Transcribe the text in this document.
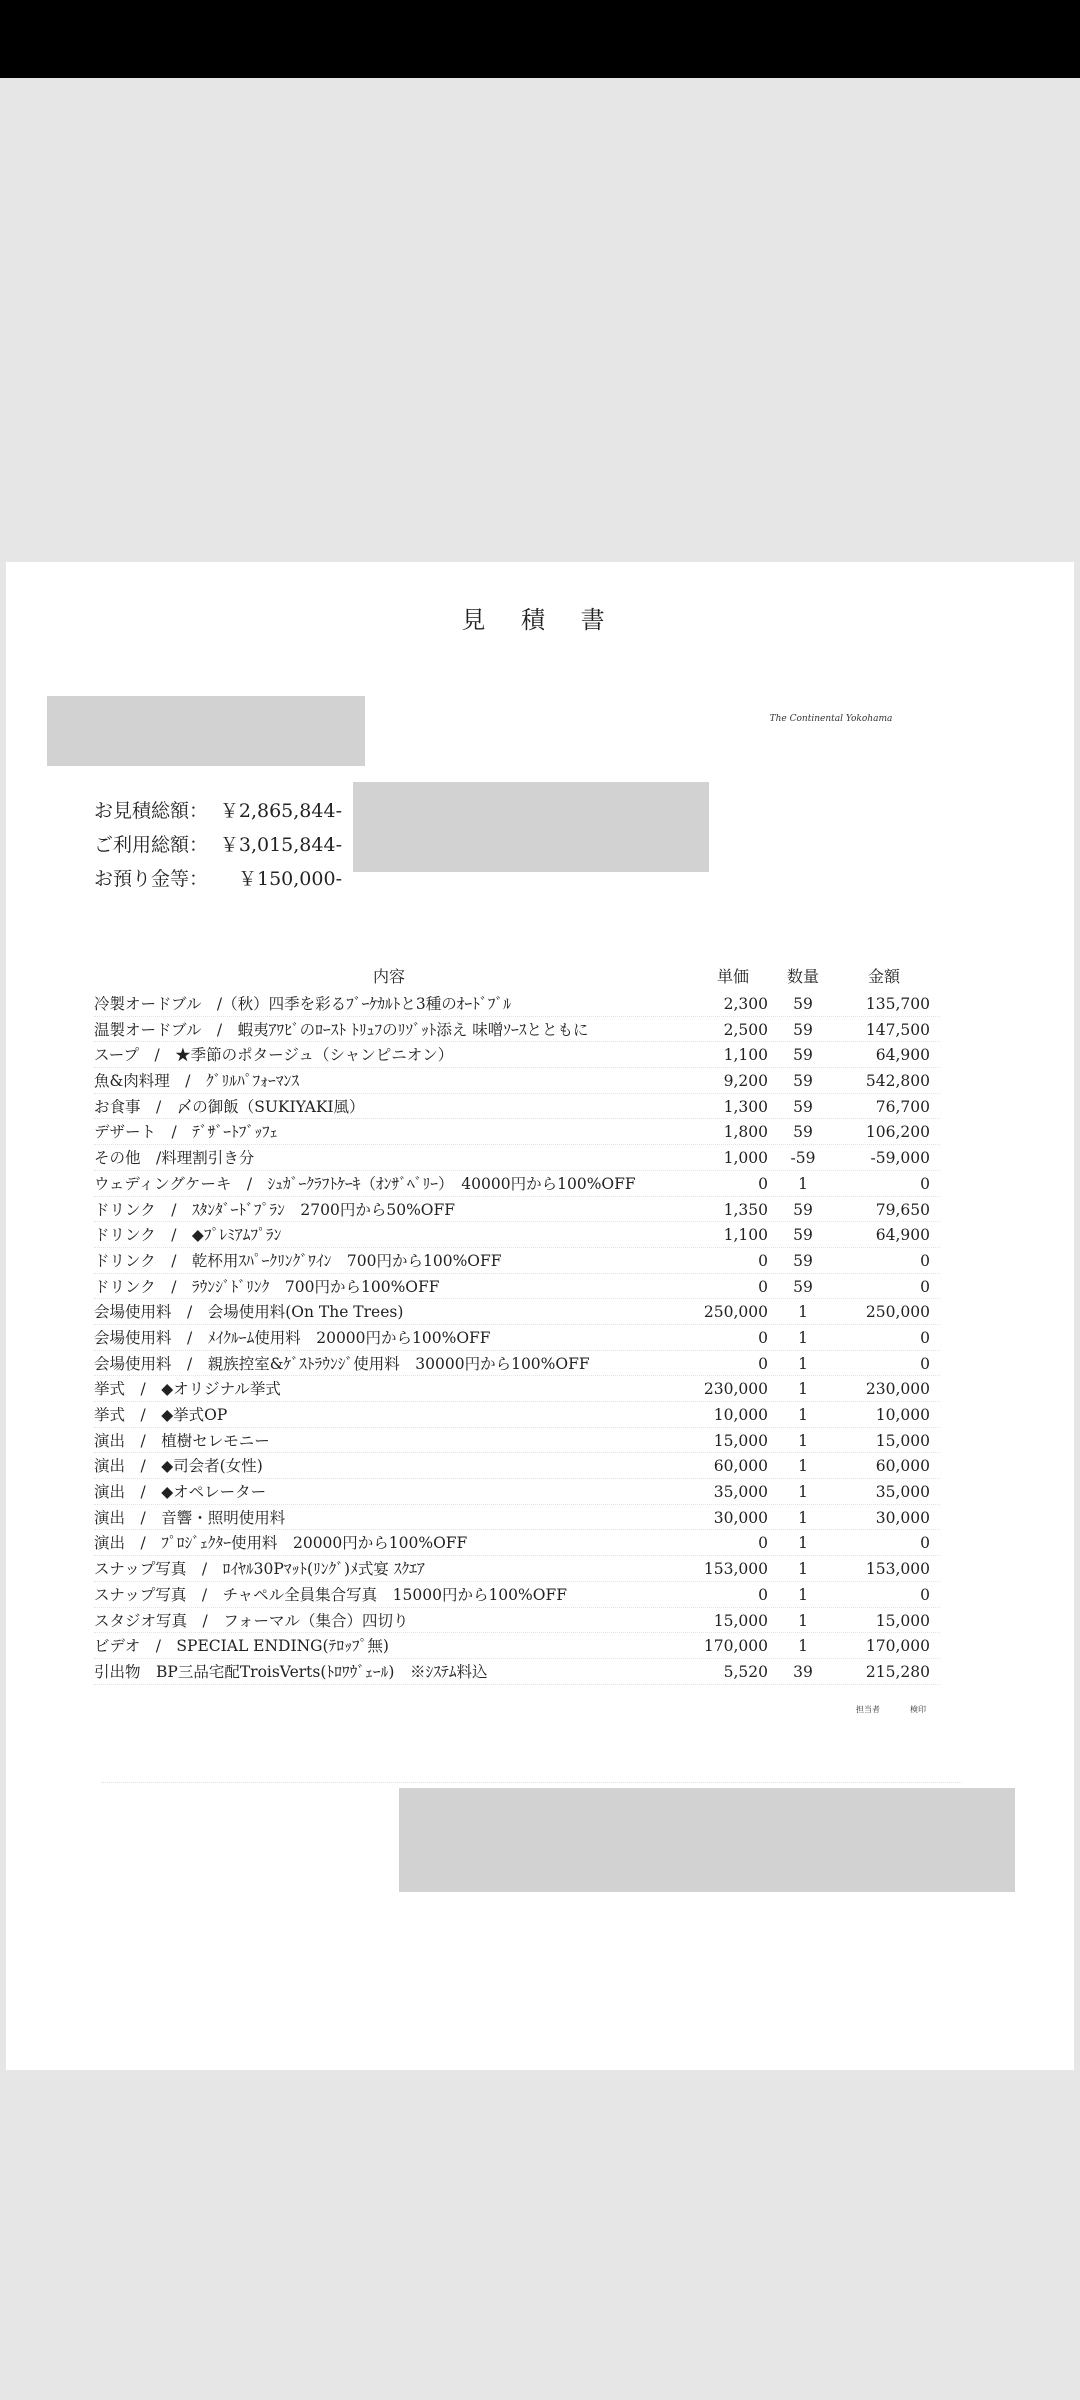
見 積 書
The Continental Yokohama
お見積総額： ￥2,865,844-
ご利用総額： ￥3,015,844-
お預り金等： ￥150,000-
内容	単価	数量	金額
冷製オードブル　/（秋）四季を彩るﾌﾞｰｹｶﾙﾄと3種のｵｰﾄﾞﾌﾞﾙ	2,300	59	135,700
温製オードブル　/　蝦夷ｱﾜﾋﾞのﾛｰｽﾄ ﾄﾘｭﾌのﾘｿﾞｯﾄ添え 味噌ｿｰｽとともに	2,500	59	147,500
スープ　/　★季節のポタージュ（シャンピニオン）	1,100	59	64,900
魚&肉料理　/　ｸﾞﾘﾙﾊﾟﾌｫｰﾏﾝｽ	9,200	59	542,800
お食事　/　〆の御飯（SUKIYAKI風）	1,300	59	76,700
デザート　/　ﾃﾞｻﾞｰﾄﾌﾞｯﾌｪ	1,800	59	106,200
その他　/料理割引き分	1,000	-59	-59,000
ウェディングケーキ　/　ｼｭｶﾞｰｸﾗﾌﾄｹｰｷ（ｵﾝｻﾞﾍﾞﾘｰ）　40000円から100%OFF	0	1	0
ドリンク　/　ｽﾀﾝﾀﾞｰﾄﾞﾌﾟﾗﾝ　2700円から50%OFF	1,350	59	79,650
ドリンク　/　◆ﾌﾟﾚﾐｱﾑﾌﾟﾗﾝ	1,100	59	64,900
ドリンク　/　乾杯用ｽﾊﾟｰｸﾘﾝｸﾞﾜｲﾝ　700円から100%OFF	0	59	0
ドリンク　/　ﾗｳﾝｼﾞﾄﾞﾘﾝｸ　700円から100%OFF	0	59	0
会場使用料　/　会場使用料(On The Trees)	250,000	1	250,000
会場使用料　/　ﾒｲｸﾙｰﾑ使用料　20000円から100%OFF	0	1	0
会場使用料　/　親族控室&ｹﾞｽﾄﾗｳﾝｼﾞ使用料　30000円から100%OFF	0	1	0
挙式　/　◆オリジナル挙式	230,000	1	230,000
挙式　/　◆挙式OP	10,000	1	10,000
演出　/　植樹セレモニー	15,000	1	15,000
演出　/　◆司会者(女性)	60,000	1	60,000
演出　/　◆オペレーター	35,000	1	35,000
演出　/　音響・照明使用料	30,000	1	30,000
演出　/　ﾌﾟﾛｼﾞｪｸﾀｰ使用料　20000円から100%OFF	0	1	0
スナップ写真　/　ﾛｲﾔﾙ30Pﾏｯﾄ(ﾘﾝｸﾞ)ﾒ式宴 ｽｸｴｱ	153,000	1	153,000
スナップ写真　/　チャペル全員集合写真　15000円から100%OFF	0	1	0
スタジオ写真　/　フォーマル（集合）四切り	15,000	1	15,000
ビデオ　/　SPECIAL ENDING(ﾃﾛｯﾌﾟ無)	170,000	1	170,000
引出物　BP三品宅配TroisVerts(ﾄﾛﾜｳﾞｪｰﾙ)　※ｼｽﾃﾑ料込	5,520	39	215,280
担当者	検印
